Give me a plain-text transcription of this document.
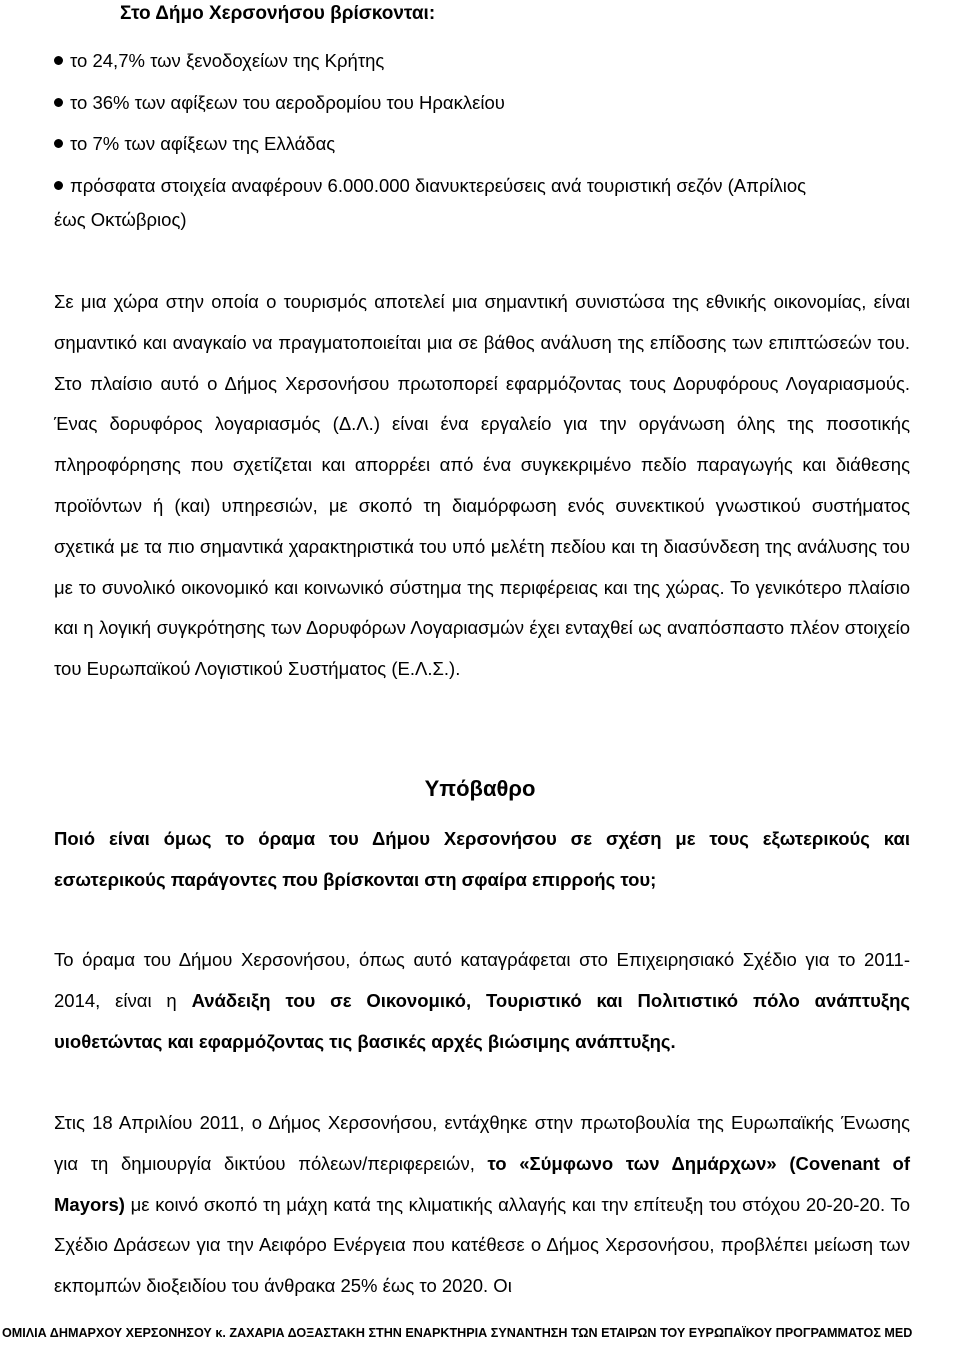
Στο Δήμο Χερσονήσου βρίσκονται:
το 24,7% των ξενοδοχείων της Κρήτης
το 36% των αφίξεων του αεροδρομίου του Ηρακλείου
το 7% των αφίξεων της Ελλάδας
πρόσφατα στοιχεία αναφέρουν 6.000.000 διανυκτερεύσεις ανά τουριστική σεζόν (Απρίλιος
έως Οκτώβριος)

Σε μια χώρα στην οποία ο τουρισμός αποτελεί μια σημαντική συνιστώσα της εθνικής οικονομίας, είναι σημαντικό και αναγκαίο να πραγματοποιείται μια σε βάθος ανάλυση της επίδοσης των επιπτώσεών του. Στο πλαίσιο αυτό ο Δήμος Χερσονήσου πρωτοπορεί εφαρμόζοντας τους Δορυφόρους Λογαριασμούς. Ένας δορυφόρος λογαριασμός (Δ.Λ.) είναι ένα εργαλείο για την οργάνωση όλης της ποσοτικής πληροφόρησης που σχετίζεται και απορρέει από ένα συγκεκριμένο πεδίο παραγωγής και διάθεσης προϊόντων ή (και) υπηρεσιών, με σκοπό τη διαμόρφωση ενός συνεκτικού γνωστικού συστήματος σχετικά με τα πιο σημαντικά χαρακτηριστικά του υπό μελέτη πεδίου και τη διασύνδεση της ανάλυσης του με το συνολικό οικονομικό και κοινωνικό σύστημα της περιφέρειας και της χώρας. Το γενικότερο πλαίσιο και η λογική συγκρότησης των Δορυφόρων Λογαριασμών έχει ενταχθεί ως αναπόσπαστο πλέον στοιχείο του Ευρωπαϊκού Λογιστικού Συστήματος (Ε.Λ.Σ.).

Υπόβαθρο

Ποιό είναι όμως το όραμα του Δήμου Χερσονήσου σε σχέση με τους εξωτερικούς και εσωτερικούς παράγοντες που βρίσκονται στη σφαίρα επιρροής του;

Το όραμα του Δήμου Χερσονήσου, όπως αυτό καταγράφεται στο Επιχειρησιακό Σχέδιο για το 2011-2014, είναι η Ανάδειξη του σε Οικονομικό, Τουριστικό και Πολιτιστικό πόλο ανάπτυξης υιοθετώντας και εφαρμόζοντας τις βασικές αρχές βιώσιμης ανάπτυξης.

Στις 18 Απριλίου 2011, ο Δήμος Χερσονήσου, εντάχθηκε στην πρωτοβουλία της Ευρωπαϊκής Ένωσης για τη δημιουργία δικτύου πόλεων/περιφερειών, το «Σύμφωνο των Δημάρχων» (Covenant of Mayors) με κοινό σκοπό τη μάχη κατά της κλιματικής αλλαγής και την επίτευξη του στόχου 20-20-20. Το Σχέδιο Δράσεων για την Αειφόρο Ενέργεια που κατέθεσε ο Δήμος Χερσονήσου, προβλέπει μείωση των εκπομπών διοξειδίου του άνθρακα 25% έως το 2020. Οι

ΟΜΙΛΙΑ ΔΗΜΑΡΧΟΥ ΧΕΡΣΟΝΗΣΟΥ κ. ΖΑΧΑΡΙΑ ΔΟΞΑΣΤΑΚΗ ΣΤΗΝ ΕΝΑΡΚΤΗΡΙΑ ΣΥΝΑΝΤΗΣΗ ΤΩΝ ΕΤΑΙΡΩΝ ΤΟΥ ΕΥΡΩΠΑΪΚΟΥ ΠΡΟΓΡΑΜΜΑΤΟΣ MED
